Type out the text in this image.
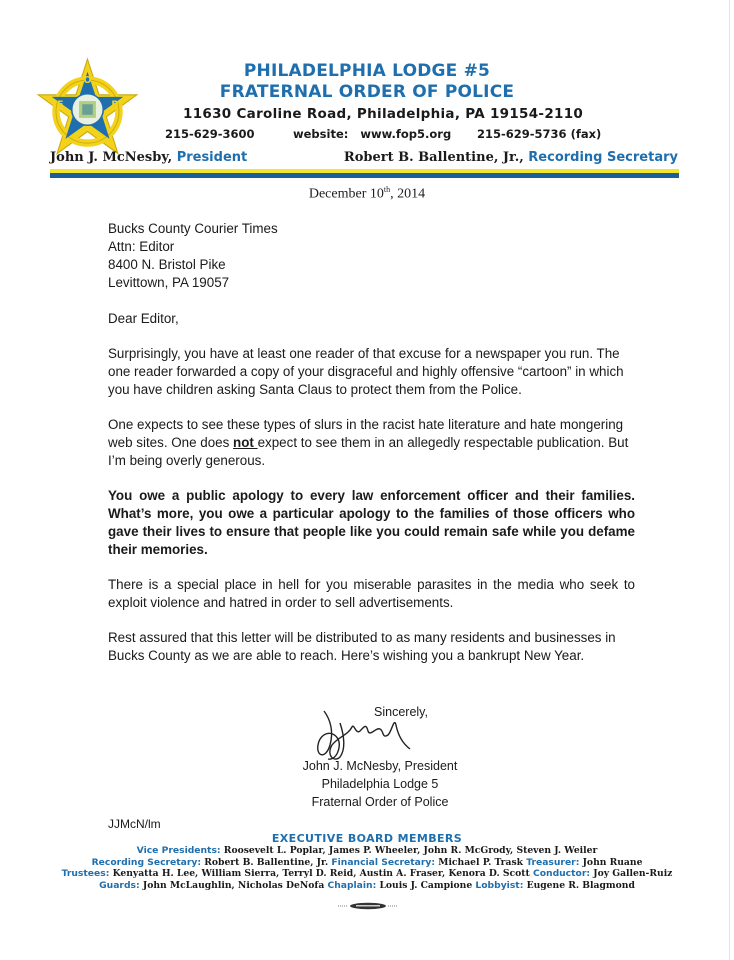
O
F	P
PHILADELPHIA LODGE #5
FRATERNAL ORDER OF POLICE
11630 Caroline Road, Philadelphia, PA 19154-2110
215-629-3600	website: www.fop5.org 215-629-5736 (fax)
John J. McNesby, President	Robert B. Ballentine, Jr., Recording Secretary
December 10th, 2014
Bucks County Courier Times
Attn: Editor
8400 N. Bristol Pike
Levittown, PA 19057
Dear Editor,
Surprisingly, you have at least one reader of that excuse for a newspaper you run. The one reader forwarded a copy of your disgraceful and highly offensive “cartoon” in which you have children asking Santa Claus to protect them from the Police.
One expects to see these types of slurs in the racist hate literature and hate mongering web sites. One does not expect to see them in an allegedly respectable publication. But I’m being overly generous.
You owe a public apology to every law enforcement officer and their families. What’s more, you owe a particular apology to the families of those officers who gave their lives to ensure that people like you could remain safe while you defame their memories.
There is a special place in hell for you miserable parasites in the media who seek to exploit violence and hatred in order to sell advertisements.
Rest assured that this letter will be distributed to as many residents and businesses in Bucks County as we are able to reach. Here’s wishing you a bankrupt New Year.
Sincerely,
John J. McNesby, President
Philadelphia Lodge 5
Fraternal Order of Police
JJMcN/lm
EXECUTIVE BOARD MEMBERS
Vice Presidents: Roosevelt L. Poplar, James P. Wheeler, John R. McGrody, Steven J. Weiler
Recording Secretary: Robert B. Ballentine, Jr. Financial Secretary: Michael P. Trask Treasurer: John Ruane
Trustees: Kenyatta H. Lee, William Sierra, Terryl D. Reid, Austin A. Fraser, Kenora D. Scott Conductor: Joy Gallen-Ruiz
Guards: John McLaughlin, Nicholas DeNofa Chaplain: Louis J. Campione Lobbyist: Eugene R. Blagmond
